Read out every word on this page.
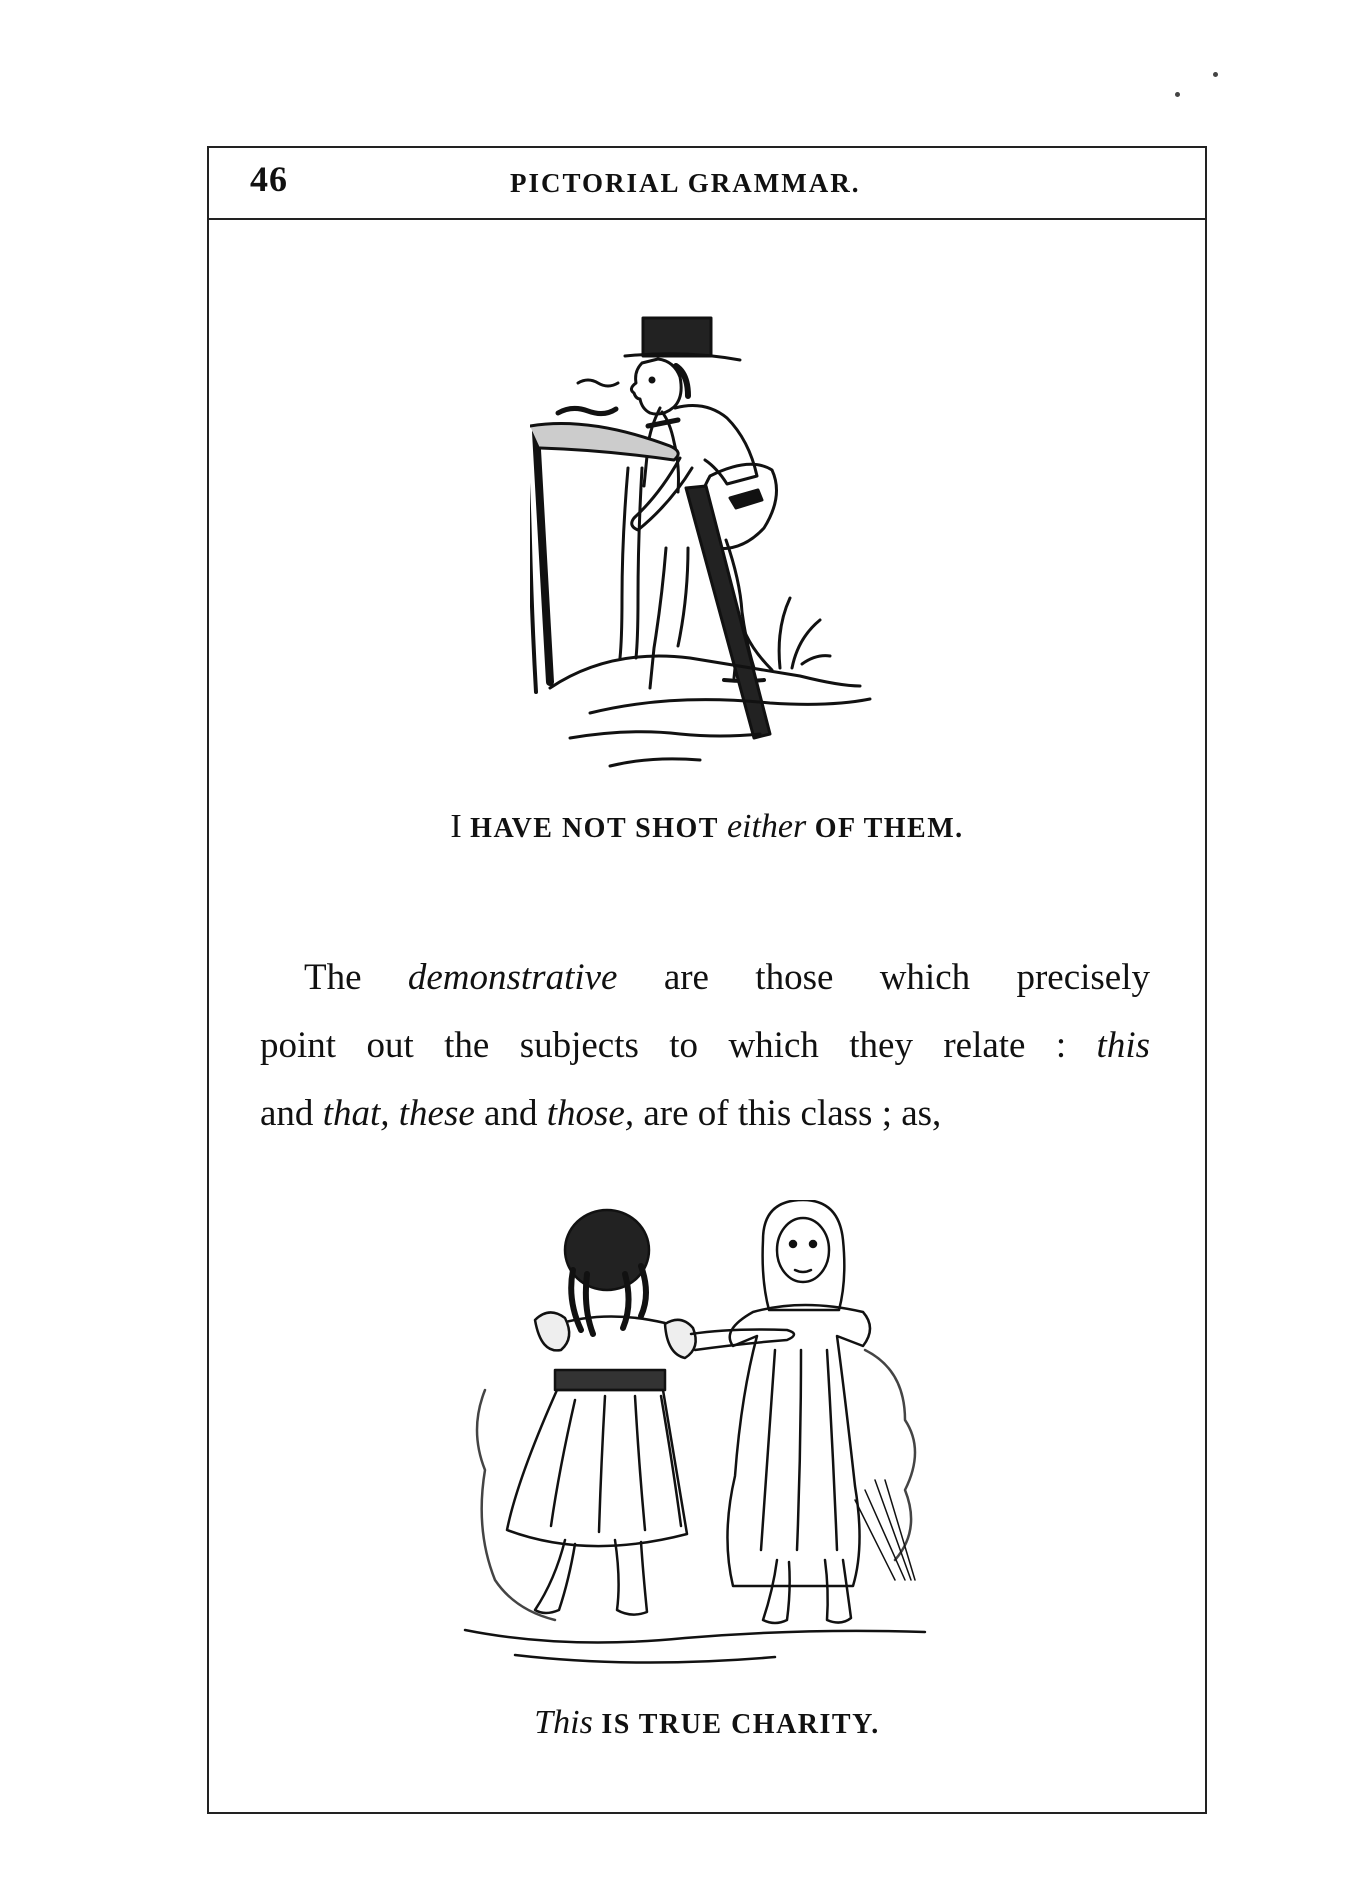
46	PICTORIAL GRAMMAR.
I HAVE NOT SHOT either OF THEM.
The demonstrative are those which precisely
point out the subjects to which they relate : this
and that, these and those, are of this class ; as,
This IS TRUE CHARITY.
